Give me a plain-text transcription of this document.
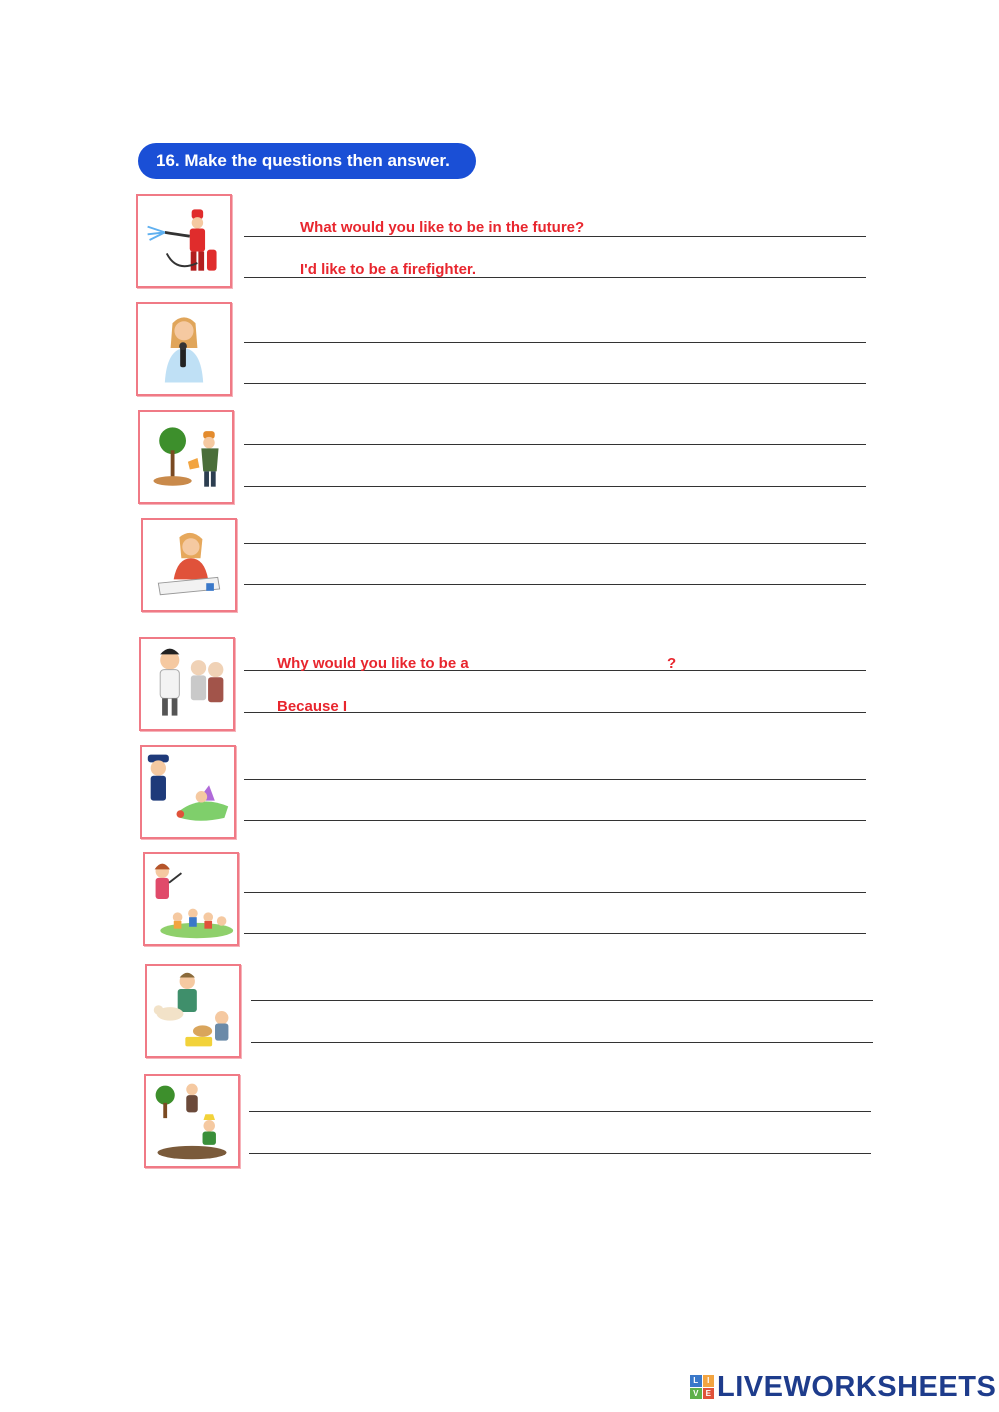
16. Make the questions then answer.
What would you like to be in the future?
I'd like to be a firefighter.
Why would you like to be a	?
Because I
L	I
V E LIVEWORKSHEETS
